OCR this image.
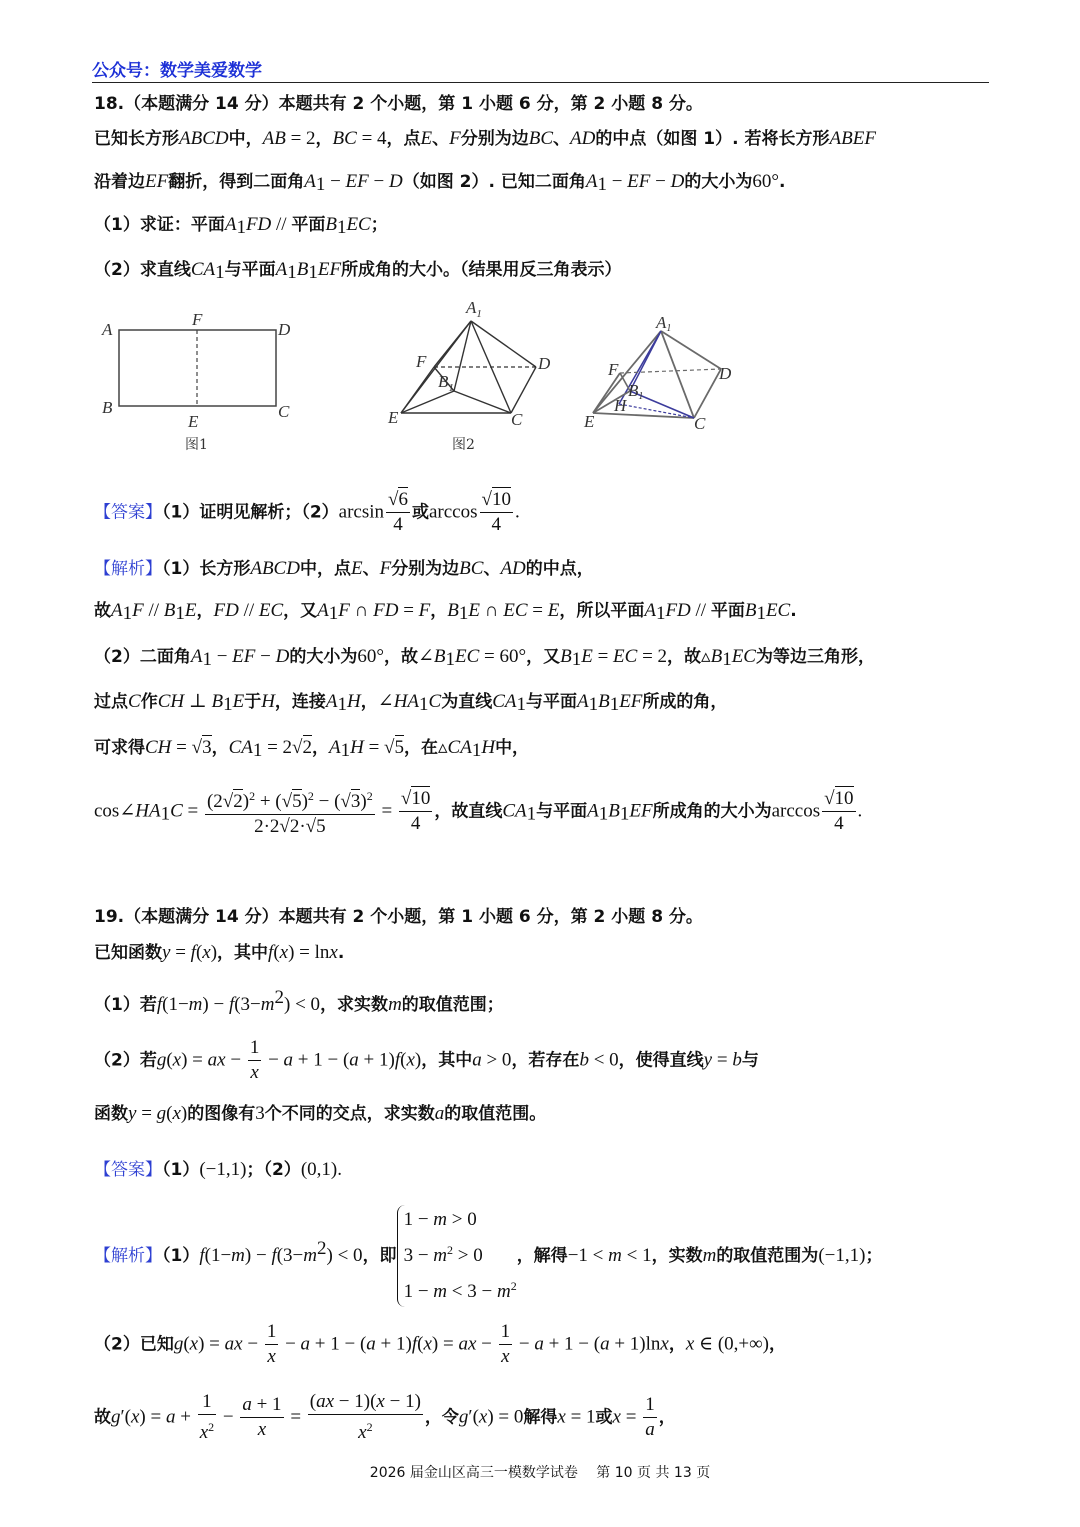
公众号：数学美爱数学
18.（本题满分 14 分）本题共有 2 个小题，第 1 小题 6 分，第 2 小题 8 分。
已知长方形ABCD中，AB = 2，BC = 4，点E、F分别为边BC、AD的中点（如图 1）. 若将长方形ABEF
沿着边EF翻折，得到二面角$A_1$ − EF − D（如图 2）. 已知二面角$A_1$ − EF − D的大小为60°.
（1）求证：平面$A_1FD$ // 平面$B_1EC$；
（2）求直线$CA_1$与平面$A_1B_1EF$所成角的大小。（结果用反三角表示）
A
F
D
B
E
C
图1
$A_1$
F	D
$B_1$
E	C
图2
A1
F	D
B1
H
E	C
【答案】（1）证明见解析；$(2)\arcsin \frac{√6}{4}$ 或$\arccos \frac{√10}{4}$ .
【解析】（1）长方形ABCD中，点E、F分别为边BC、AD的中点，
故$A_1F // B_1E$，FD // EC，又$A_1F$ ∩ FD = F，$B_1E$ ∩ EC = E，所以平面$A_1FD$ // 平面$B_1EC$.
（2）二面角$A_1$ − EF − D的大小为60°，故$\angle B_1EC = 60^\circ$，又$B_1E$ = EC = 2，故$▵B_1EC$为等边三角形，
过点C作CH ⊥ $B_1E$于H，连接$A_1H$，$\angle HA_1C$为直线$CA_1$与平面$A_1B_1EF$所成的角，
可求得CH = √3，$CA_1 = 2√2$，$A_1H = √5$，在$▵CA_1H$中，
$\cos\angle HA_1C = \frac{(2√2)^2 + (√5)^2 - (√3)^2}{2\cdot 2√2\cdot√5} = \frac{√10}{4}$ ，故直线$CA_1$与平面$A_1B_1EF$所成角的大小为$\arccos \frac{√10}{4}$ .
19.（本题满分 14 分）本题共有 2 个小题，第 1 小题 6 分，第 2 小题 8 分。
已知函数y = f(x)，其中f(x) = lnx.
（1）若$f(1-m) - f(3-m^2) < 0$，求实数m的取值范围；
（2）若g(x) = ax − $\frac{1}{x} - a + 1 - (a + 1)f(x)$，其中a > 0，若存在b < 0，使得直线y = b与
函数y = g(x)的图像有3个不同的交点，求实数a的取值范围。
【答案】（1）(−1,1)；（2）(0,1).
【解析】$(1)f(1-m) - f(3-m^2) < 0$，即
1 − m > 0
$3 - m^2 > 0$
$1 - m < 3 - m^2$
，解得−1 < m < 1，实数m的取值范围为(−1,1)；
（2）已知g(x) = ax − $\frac{1}{x} - a + 1 - (a + 1)f(x)$ = ax − $\frac{1}{x} - a + 1 - (a + 1)\ln x$，x ∈ (0,+∞)，
故$g'(x) = a + \frac{1}{x^2} - \frac{a + 1}{x} = \frac{(ax - 1)(x - 1)}{x^2}$ ，令g′(x) = 0解得x = 1或$x = \frac{1}{a}$ ，
2026 届金山区高三一模数学试卷　 第 10 页 共 13 页
